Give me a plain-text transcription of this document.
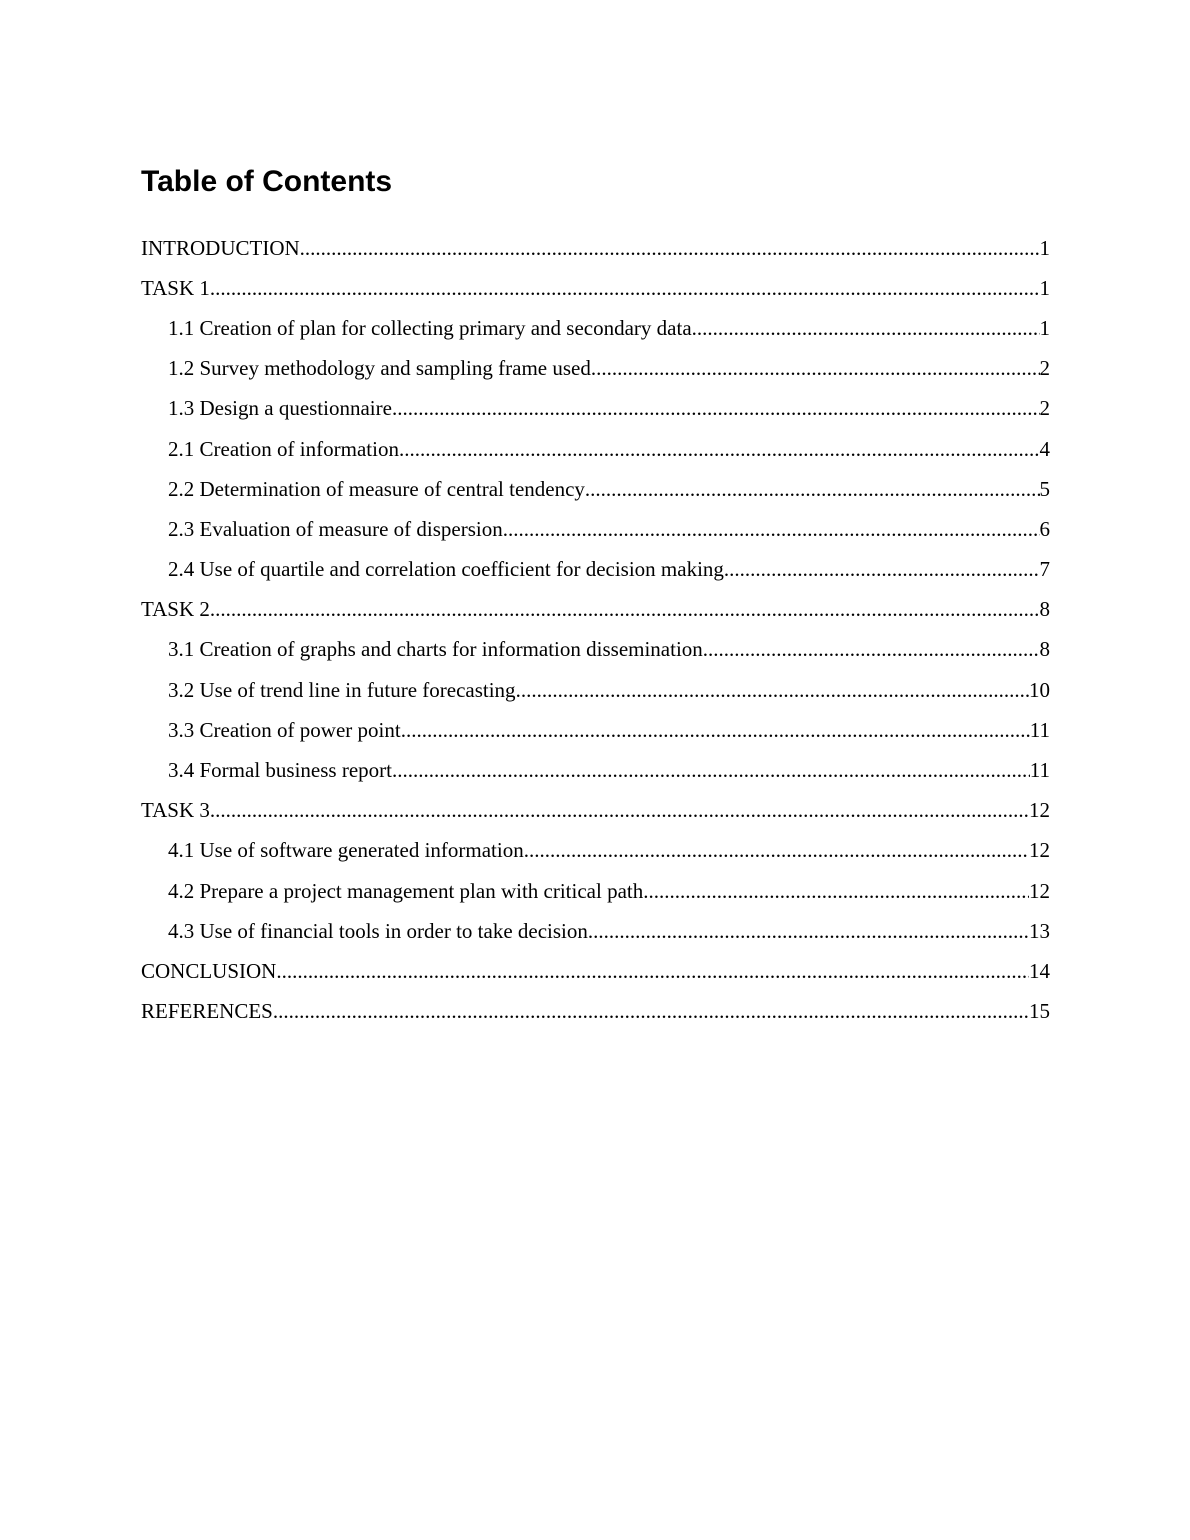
Table of Contents
INTRODUCTION .....	1
TASK 1 .....	1
1.1 Creation of plan for collecting primary and secondary data .....	1
1.2 Survey methodology and sampling frame used .....	2
1.3 Design a questionnaire .....	2
2.1 Creation of information .....	4
2.2 Determination of measure of central tendency .....	5
2.3 Evaluation of measure of dispersion .....	6
2.4 Use of quartile and correlation coefficient for decision making .....	7
TASK 2 .....	8
3.1 Creation of graphs and charts for information dissemination .....	8
3.2 Use of trend line in future forecasting .....	10
3.3 Creation of power point .....	11
3.4 Formal business report .....	11
TASK 3 .....	12
4.1 Use of software generated information .....	12
4.2 Prepare a project management plan with critical path .....	12
4.3 Use of financial tools in order to take decision .....	13
CONCLUSION .....	14
REFERENCES .....	15
